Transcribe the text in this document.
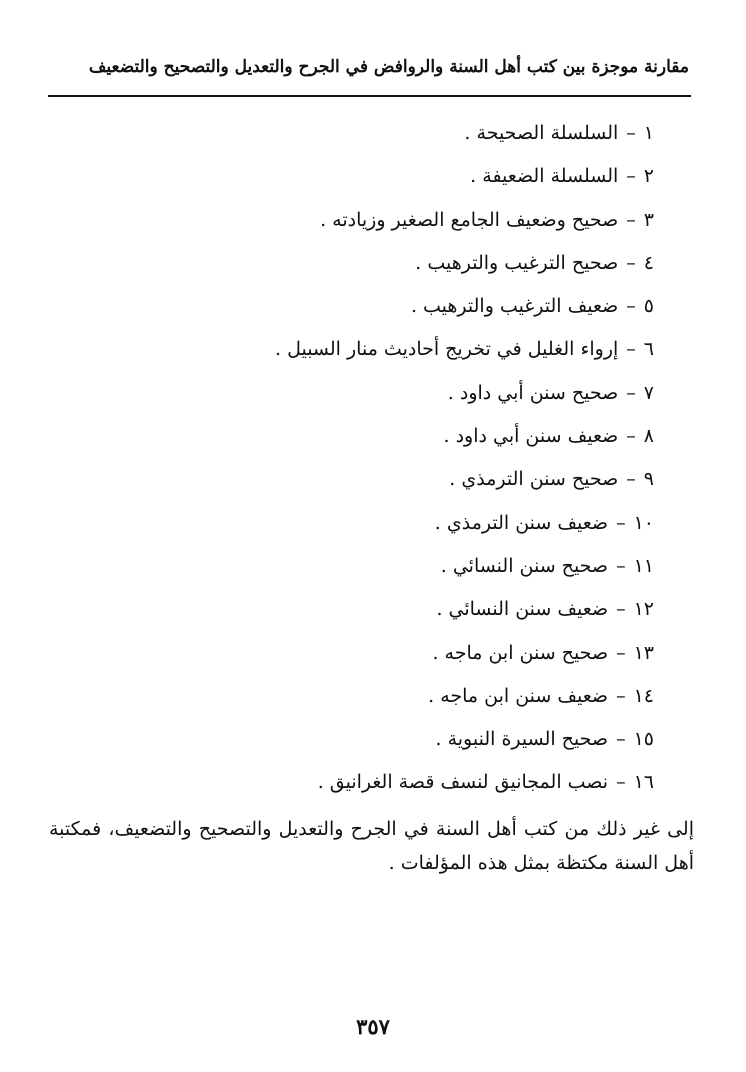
مقارنة موجزة بين كتب أهل السنة والروافض في الجرح والتعديل والتصحيح والتضعيف
١–السلسلة الصحيحة .
٢–السلسلة الضعيفة .
٣–صحيح وضعيف الجامع الصغير وزيادته .
٤–صحيح الترغيب والترهيب .
٥–ضعيف الترغيب والترهيب .
٦–إرواء الغليل في تخريج أحاديث منار السبيل .
٧–صحيح سنن أبي داود .
٨–ضعيف سنن أبي داود .
٩–صحيح سنن الترمذي .
١٠–ضعيف سنن الترمذي .
١١–صحيح سنن النسائي .
١٢–ضعيف سنن النسائي .
١٣–صحيح سنن ابن ماجه .
١٤–ضعيف سنن ابن ماجه .
١٥–صحيح السيرة النبوية .
١٦–نصب المجانيق لنسف قصة الغرانيق .

إلى غير ذلك من كتب أهل السنة في الجرح والتعديل والتصحيح والتضعيف، فمكتبة أهل السنة مكتظة بمثل هذه المؤلفات .

٣٥٧
